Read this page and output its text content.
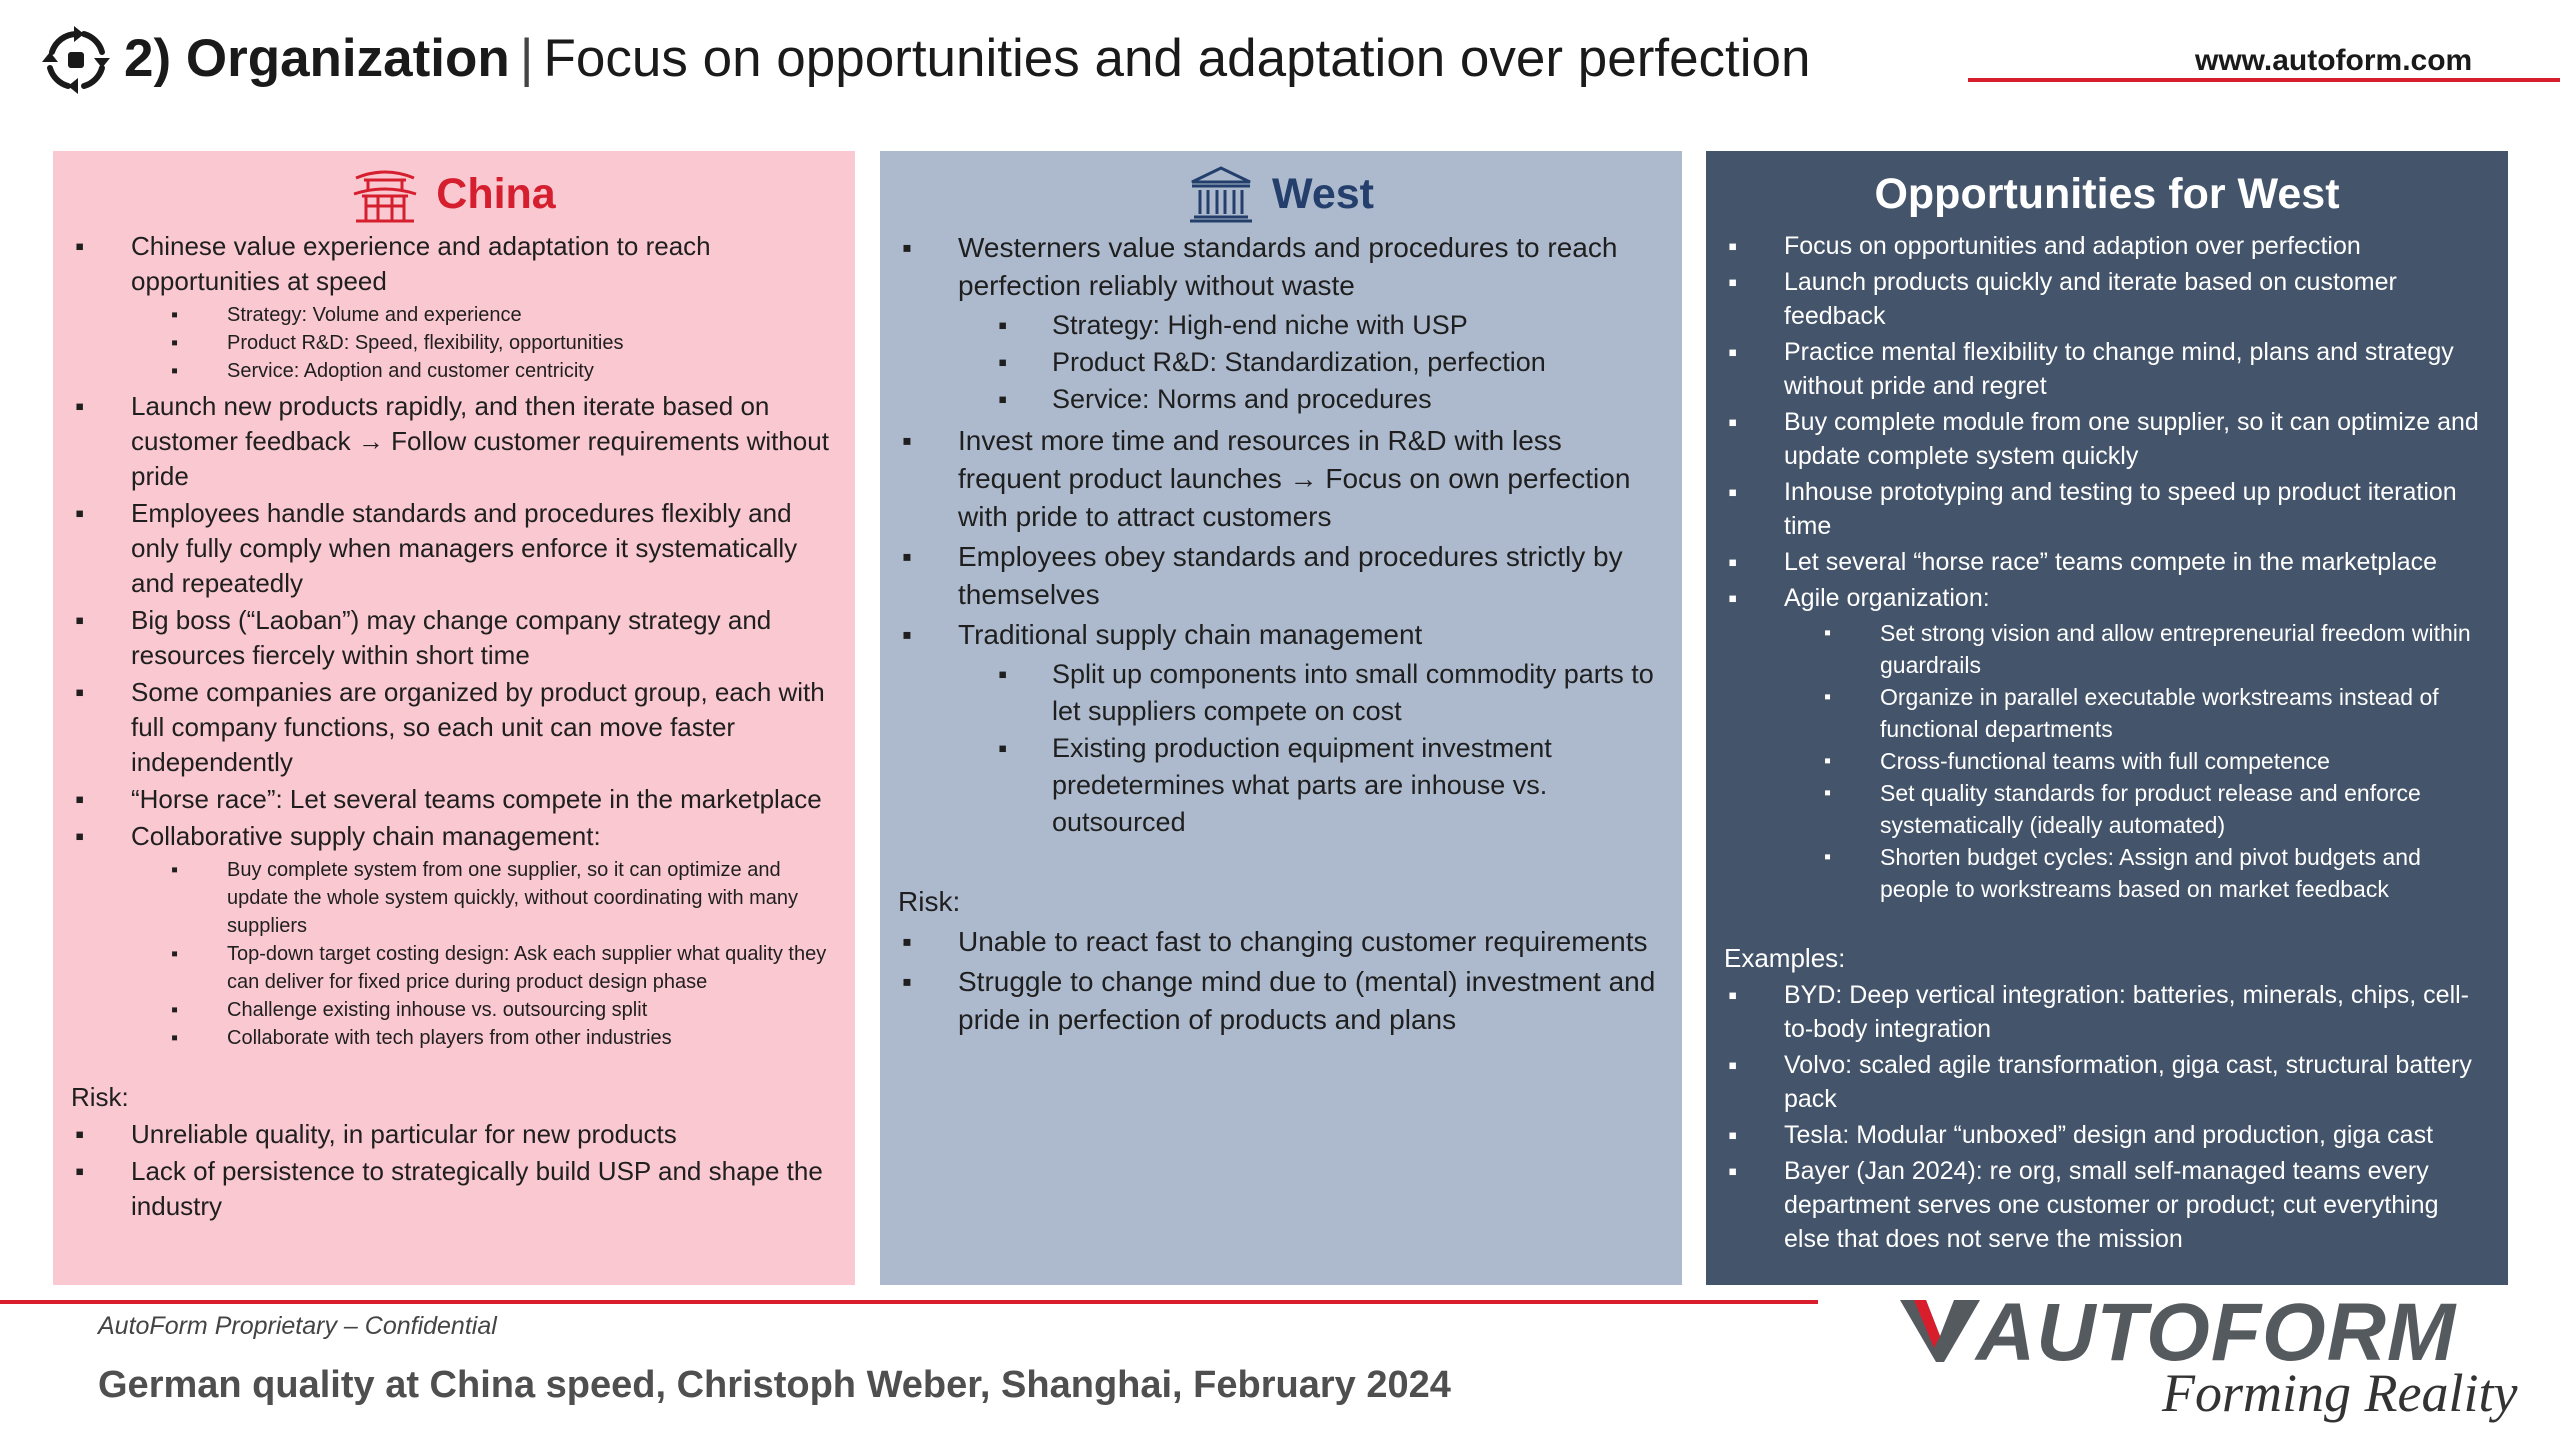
2) Organization | Focus on opportunities and adaptation over perfection	www.autoform.com
China
▪ Chinese value experience and adaptation to reach opportunities at speed
▪ Strategy: Volume and experience
▪ Product R&D: Speed, flexibility, opportunities
▪ Service: Adoption and customer centricity
▪ Launch new products rapidly, and then iterate based on customer feedback → Follow customer requirements without pride
▪ Employees handle standards and procedures flexibly and only fully comply when managers enforce it systematically and repeatedly
▪ Big boss (“Laoban”) may change company strategy and resources fiercely within short time
▪ Some companies are organized by product group, each with full company functions, so each unit can move faster independently
▪ “Horse race”: Let several teams compete in the marketplace
▪ Collaborative supply chain management:
▪ Buy complete system from one supplier, so it can optimize and update the whole system quickly, without coordinating with many suppliers
▪ Top-down target costing design: Ask each supplier what quality they can deliver for fixed price during product design phase
▪ Challenge existing inhouse vs. outsourcing split
▪ Collaborate with tech players from other industries
Risk:
▪ Unreliable quality, in particular for new products
▪ Lack of persistence to strategically build USP and shape the industry
West
▪ Westerners value standards and procedures to reach perfection reliably without waste
▪ Strategy: High-end niche with USP
▪ Product R&D: Standardization, perfection
▪ Service: Norms and procedures
▪ Invest more time and resources in R&D with less frequent product launches → Focus on own perfection with pride to attract customers
▪ Employees obey standards and procedures strictly by themselves
▪ Traditional supply chain management
▪ Split up components into small commodity parts to let suppliers compete on cost
▪ Existing production equipment investment predetermines what parts are inhouse vs. outsourced
Risk:
▪ Unable to react fast to changing customer requirements
▪ Struggle to change mind due to (mental) investment and pride in perfection of products and plans
Opportunities for West
▪ Focus on opportunities and adaption over perfection
▪ Launch products quickly and iterate based on customer feedback
▪ Practice mental flexibility to change mind, plans and strategy without pride and regret
▪ Buy complete module from one supplier, so it can optimize and update complete system quickly
▪ Inhouse prototyping and testing to speed up product iteration time
▪ Let several “horse race” teams compete in the marketplace
▪ Agile organization:
▪ Set strong vision and allow entrepreneurial freedom within guardrails
▪ Organize in parallel executable workstreams instead of functional departments
▪ Cross-functional teams with full competence
▪ Set quality standards for product release and enforce systematically (ideally automated)
▪ Shorten budget cycles: Assign and pivot budgets and people to workstreams based on market feedback
Examples:
▪ BYD: Deep vertical integration: batteries, minerals, chips, cell-to-body integration
▪ Volvo: scaled agile transformation, giga cast, structural battery pack
▪ Tesla: Modular “unboxed” design and production, giga cast
▪ Bayer (Jan 2024): re org, small self-managed teams every department serves one customer or product; cut everything else that does not serve the mission
AutoForm Proprietary – Confidential
German quality at China speed, Christoph Weber, Shanghai, February 2024
AUTOFORM
Forming Reality
